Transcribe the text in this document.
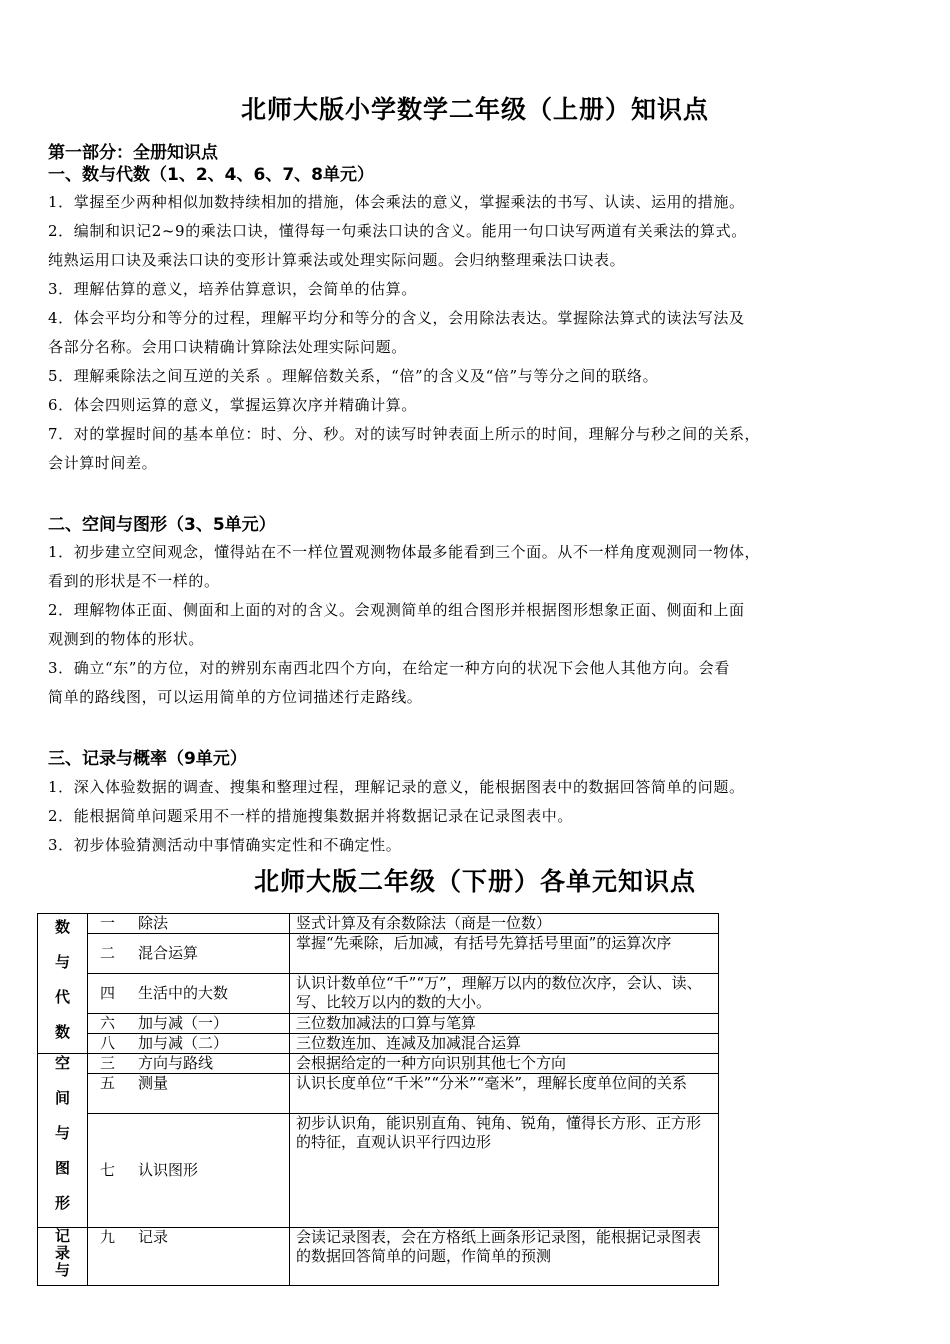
北师大版小学数学二年级（上册）知识点
第一部分：全册知识点
一、数与代数（1、2、4、6、7、8单元）
1．掌握至少两种相似加数持续相加的措施，体会乘法的意义，掌握乘法的书写、认读、运用的措施。
2．编制和识记2~9的乘法口诀，懂得每一句乘法口诀的含义。能用一句口诀写两道有关乘法的算式。
纯熟运用口诀及乘法口诀的变形计算乘法或处理实际问题。会归纳整理乘法口诀表。
3．理解估算的意义，培养估算意识，会简单的估算。
4．体会平均分和等分的过程，理解平均分和等分的含义，会用除法表达。掌握除法算式的读法写法及
各部分名称。会用口诀精确计算除法处理实际问题。
5．理解乘除法之间互逆的关系 。理解倍数关系，“倍”的含义及“倍”与等分之间的联络。
6．体会四则运算的意义，掌握运算次序并精确计算。
7．对的掌握时间的基本单位：时、分、秒。对的读写时钟表面上所示的时间，理解分与秒之间的关系，
会计算时间差。
二、空间与图形（3、5单元）
1．初步建立空间观念，懂得站在不一样位置观测物体最多能看到三个面。从不一样角度观测同一物体，
看到的形状是不一样的。
2．理解物体正面、侧面和上面的对的含义。会观测简单的组合图形并根据图形想象正面、侧面和上面
观测到的物体的形状。
3．确立“东”的方位，对的辨别东南西北四个方向，在给定一种方向的状况下会他人其他方向。会看
简单的路线图，可以运用简单的方位词描述行走路线。
三、记录与概率（9单元）
1．深入体验数据的调查、搜集和整理过程，理解记录的意义，能根据图表中的数据回答简单的问题。
2．能根据简单问题采用不一样的措施搜集数据并将数据记录在记录图表中。
3．初步体验猜测活动中事情确实定性和不确定性。
北师大版二年级（下册）各单元知识点
数
与
代
数	一 除法	竖式计算及有余数除法（商是一位数）
	二 混合运算	掌握“先乘除，后加减，有括号先算括号里面”的运算次序
	四 生活中的大数	认识计数单位“千”“万”，理解万以内的数位次序，会认、读、写、比较万以内的数的大小。
	六 加与减（一）	三位数加减法的口算与笔算
	八 加与减（二）	三位数连加、连减及加减混合运算

空
间
与
图
形	三 方向与路线	会根据给定的一种方向识别其他七个方向
	五 测量	认识长度单位“千米”“分米”“毫米”，理解长度单位间的关系
	七 认识图形	初步认识角，能识别直角、钝角、锐角，懂得长方形、正方形的特征，直观认识平行四边形

记
录
与	九 记录	会读记录图表，会在方格纸上画条形记录图，能根据记录图表的数据回答简单的问题，作简单的预测
